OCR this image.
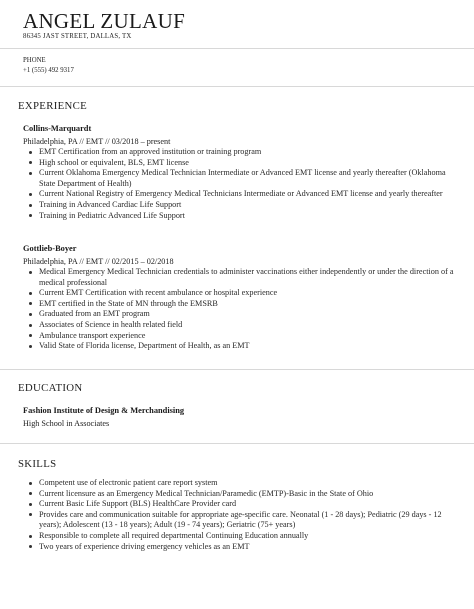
ANGEL ZULAUF
86345 JAST STREET, DALLAS, TX
PHONE
+1 (555) 492 9317
EXPERIENCE
Collins-Marquardt
Philadelphia, PA // EMT // 03/2018 – present
EMT Certification from an approved institution or training program
High school or equivalent, BLS, EMT license
Current Oklahoma Emergency Medical Technician Intermediate or Advanced EMT license and yearly thereafter (Oklahoma State Department of Health)
Current National Registry of Emergency Medical Technicians Intermediate or Advanced EMT license and yearly thereafter
Training in Advanced Cardiac Life Support
Training in Pediatric Advanced Life Support
Gottlieb-Boyer
Philadelphia, PA // EMT // 02/2015 – 02/2018
Medical Emergency Medical Technician credentials to administer vaccinations either independently or under the direction of a medical professional
Current EMT Certification with recent ambulance or hospital experience
EMT certified in the State of MN through the EMSRB
Graduated from an EMT program
Associates of Science in health related field
Ambulance transport experience
Valid State of Florida license, Department of Health, as an EMT
EDUCATION
Fashion Institute of Design & Merchandising
High School in Associates
SKILLS
Competent use of electronic patient care report system
Current licensure as an Emergency Medical Technician/Paramedic (EMTP)-Basic in the State of Ohio
Current Basic Life Support (BLS) HealthCare Provider card
Provides care and communication suitable for appropriate age-specific care. Neonatal (1 - 28 days); Pediatric (29 days - 12 years); Adolescent (13 - 18 years); Adult (19 - 74 years); Geriatric (75+ years)
Responsible to complete all required departmental Continuing Education annually
Two years of experience driving emergency vehicles as an EMT
